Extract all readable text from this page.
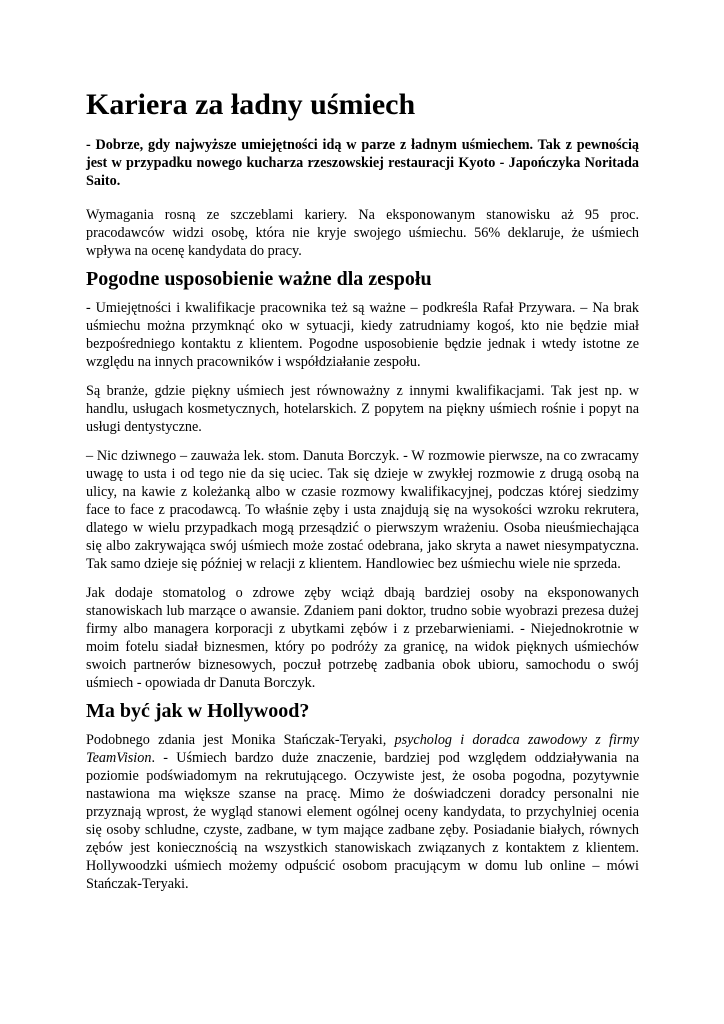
Kariera za ładny uśmiech

- Dobrze, gdy najwyższe umiejętności idą w parze z ładnym uśmiechem. Tak z pewnością jest w przypadku nowego kucharza rzeszowskiej restauracji Kyoto - Japończyka Noritada Saito.

Wymagania rosną ze szczeblami kariery. Na eksponowanym stanowisku aż 95 proc. pracodawców widzi osobę, która nie kryje swojego uśmiechu. 56% deklaruje, że uśmiech wpływa na ocenę kandydata do pracy.

Pogodne usposobienie ważne dla zespołu

- Umiejętności i kwalifikacje pracownika też są ważne – podkreśla Rafał Przywara. – Na brak uśmiechu można przymknąć oko w sytuacji, kiedy zatrudniamy kogoś, kto nie będzie miał bezpośredniego kontaktu z klientem. Pogodne usposobienie będzie jednak i wtedy istotne ze względu na innych pracowników i współdziałanie zespołu.

Są branże, gdzie piękny uśmiech jest równoważny z innymi kwalifikacjami. Tak jest np. w handlu, usługach kosmetycznych, hotelarskich. Z popytem na piękny uśmiech rośnie i popyt na usługi dentystyczne.

– Nic dziwnego – zauważa lek. stom. Danuta Borczyk. - W rozmowie pierwsze, na co zwracamy uwagę to usta i od tego nie da się uciec. Tak się dzieje w zwykłej rozmowie z drugą osobą na ulicy, na kawie z koleżanką albo w czasie rozmowy kwalifikacyjnej, podczas której siedzimy face to face z pracodawcą. To właśnie zęby i usta znajdują się na wysokości wzroku rekrutera, dlatego w wielu przypadkach mogą przesądzić o pierwszym wrażeniu. Osoba nieuśmiechająca się albo zakrywająca swój uśmiech może zostać odebrana, jako skryta a nawet niesympatyczna. Tak samo dzieje się później w relacji z klientem. Handlowiec bez uśmiechu wiele nie sprzeda.

Jak dodaje stomatolog o zdrowe zęby wciąż dbają bardziej osoby na eksponowanych stanowiskach lub marzące o awansie. Zdaniem pani doktor, trudno sobie wyobrazi prezesa dużej firmy albo managera korporacji z ubytkami zębów i z przebarwieniami. - Niejednokrotnie w moim fotelu siadał biznesmen, który po podróży za granicę, na widok pięknych uśmiechów swoich partnerów biznesowych, poczuł potrzebę zadbania obok ubioru, samochodu o swój uśmiech - opowiada dr Danuta Borczyk.

Ma być jak w Hollywood?

Podobnego zdania jest Monika Stańczak-Teryaki, psycholog i doradca zawodowy z firmy TeamVision. - Uśmiech bardzo duże znaczenie, bardziej pod względem oddziaływania na poziomie podświadomym na rekrutującego. Oczywiste jest, że osoba pogodna, pozytywnie nastawiona ma większe szanse na pracę. Mimo że doświadczeni doradcy personalni nie przyznają wprost, że wygląd stanowi element ogólnej oceny kandydata, to przychylniej ocenia się osoby schludne, czyste, zadbane, w tym mające zadbane zęby. Posiadanie białych, równych zębów jest koniecznością na wszystkich stanowiskach związanych z kontaktem z klientem. Hollywoodzki uśmiech możemy odpuścić osobom pracującym w domu lub online – mówi Stańczak-Teryaki.
